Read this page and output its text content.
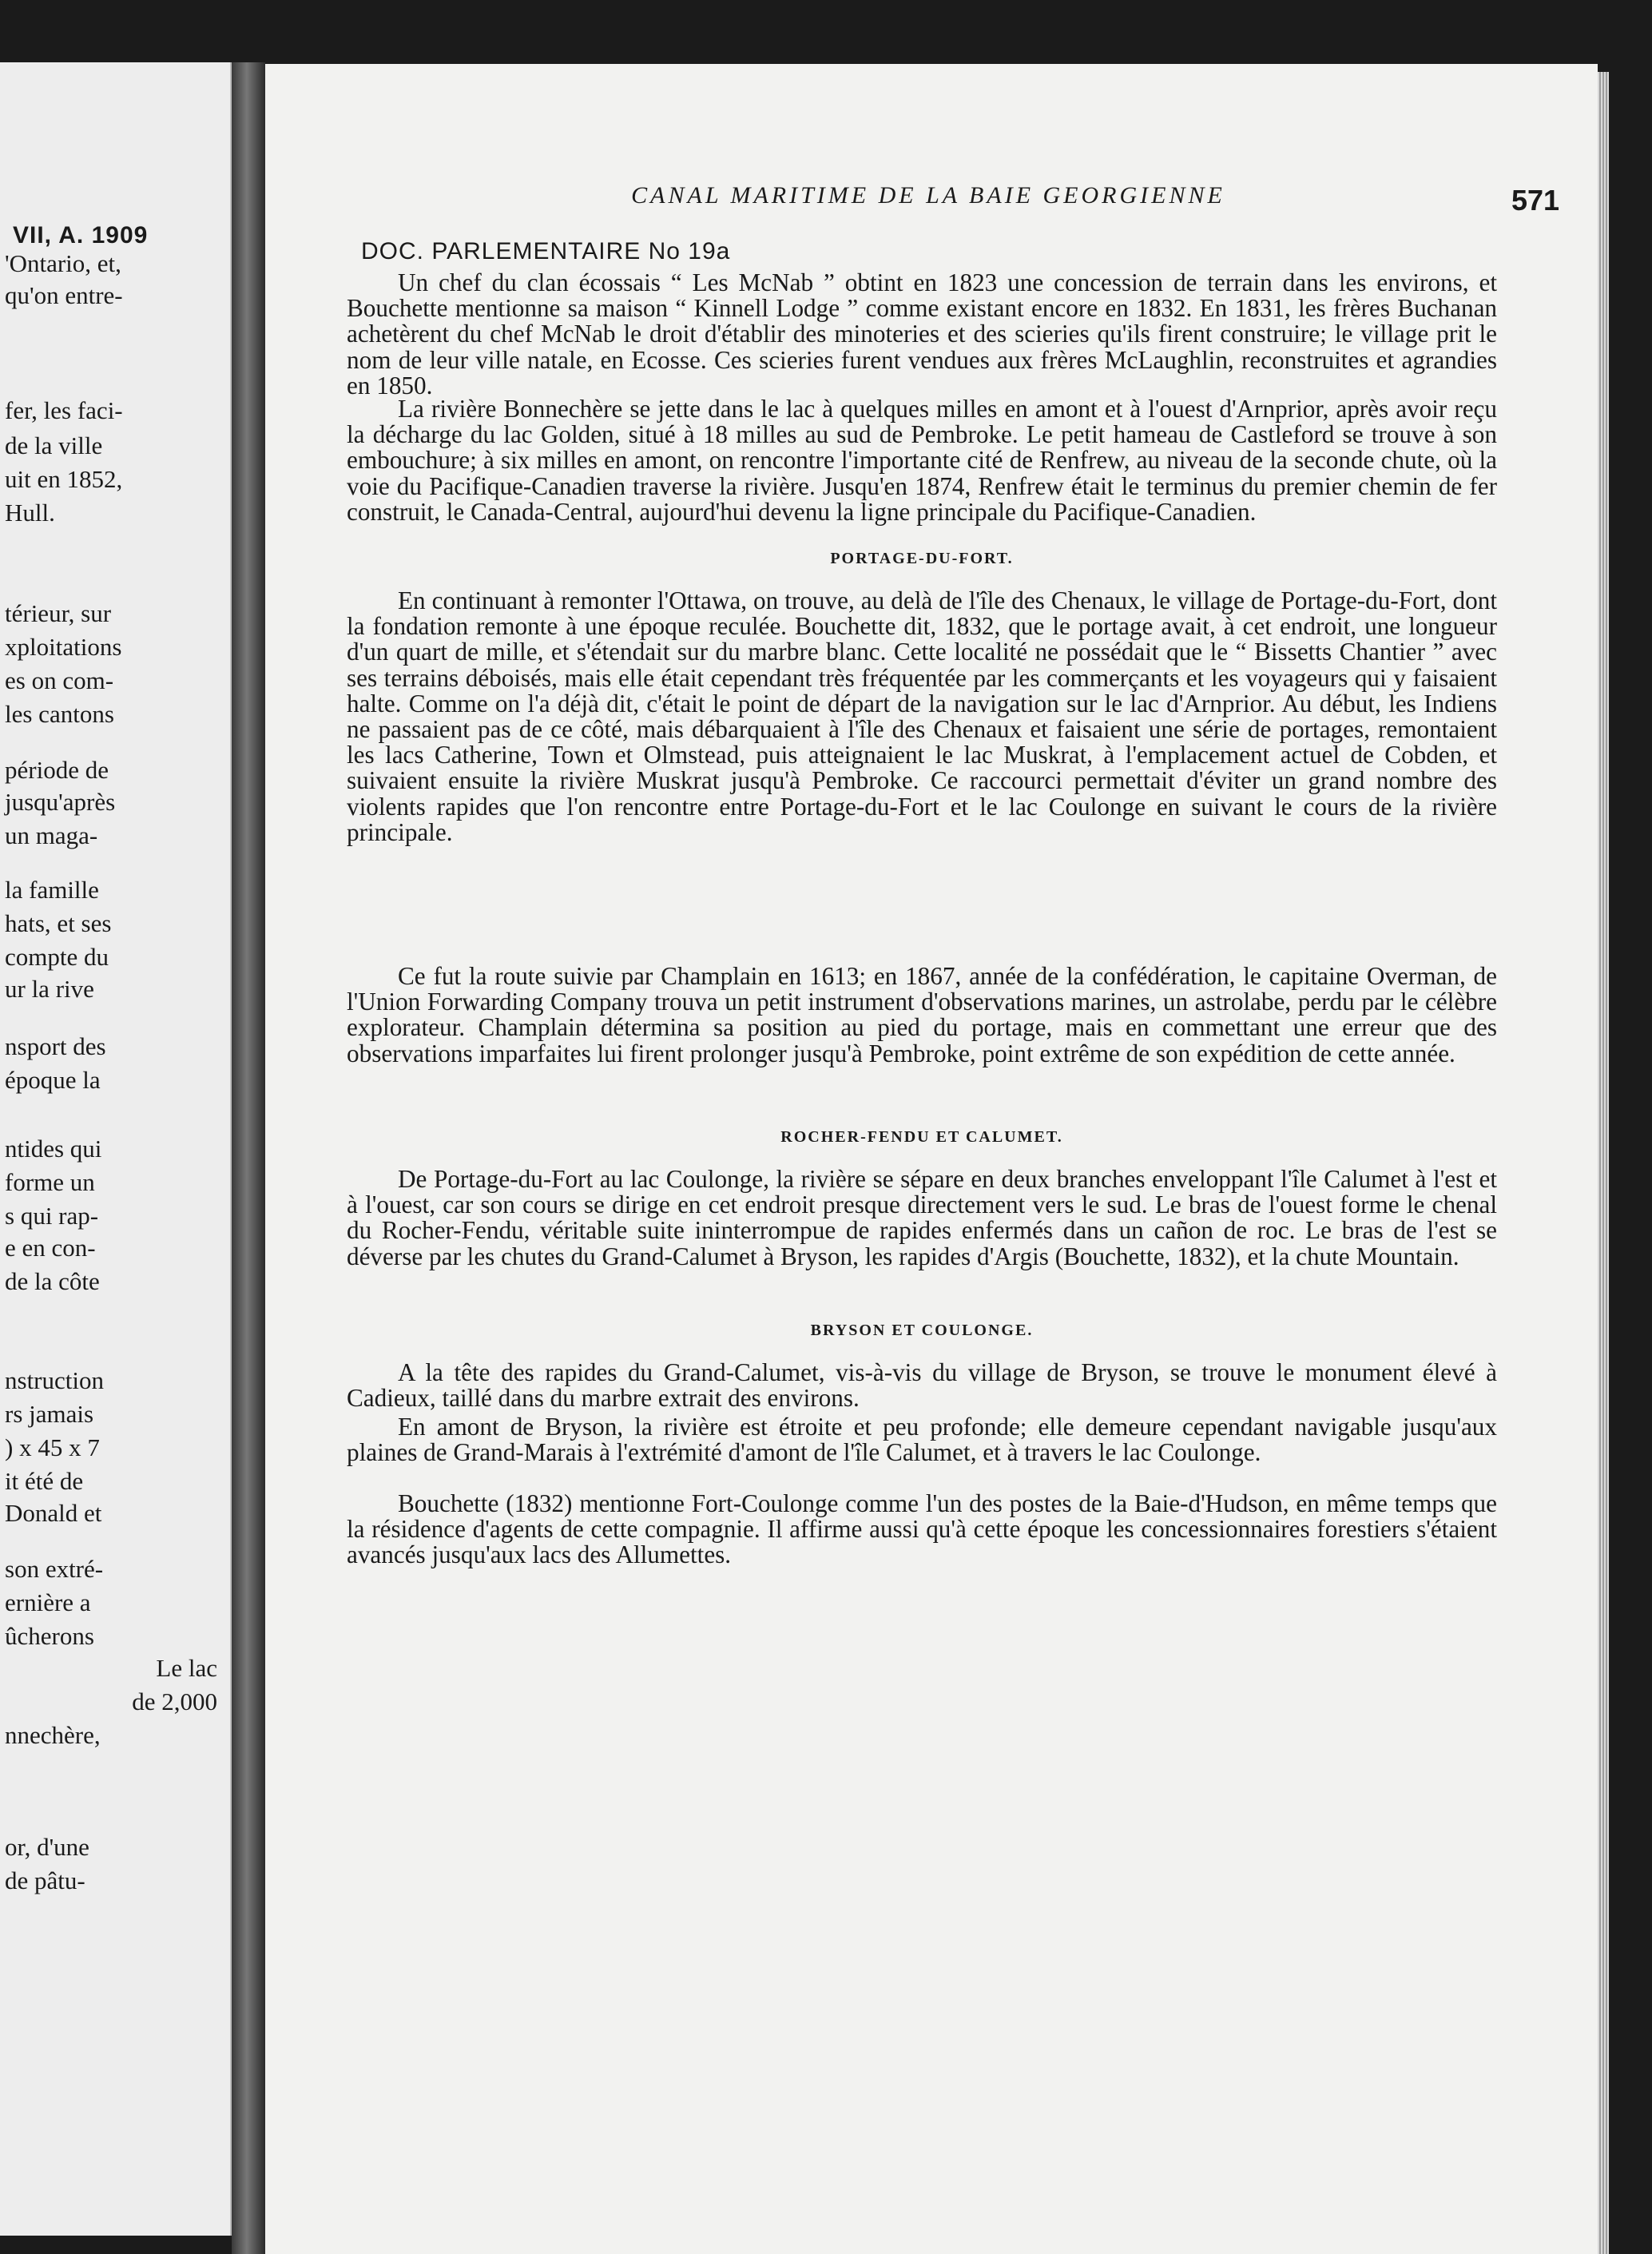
VII, A. 1909
'Ontario, et,
qu'on entre-
fer, les faci-
de la ville
uit en 1852,
Hull.
térieur, sur
xploitations
es on com-
les cantons
période de
jusqu'après
un maga-
la famille
hats, et ses
compte du
ur la rive
nsport des
époque la
ntides qui
forme un
s qui rap-
e en con-
de la côte
nstruction
rs jamais
) x 45 x 7
it été de
Donald et
son extré-
ernière a
ûcherons
Le lac
de 2,000
nnechère,
or, d'une
de pâtu-
CANAL MARITIME DE LA BAIE GEORGIENNE	571
DOC. PARLEMENTAIRE No 19a

Un chef du clan écossais “ Les McNab ” obtint en 1823 une concession de terrain dans les environs, et Bouchette mentionne sa maison “ Kinnell Lodge ” comme existant encore en 1832. En 1831, les frères Buchanan achetèrent du chef McNab le droit d'établir des minoteries et des scieries qu'ils firent construire; le village prit le nom de leur ville natale, en Ecosse. Ces scieries furent vendues aux frères McLaughlin, reconstruites et agrandies en 1850.

La rivière Bonnechère se jette dans le lac à quelques milles en amont et à l'ouest d'Arnprior, après avoir reçu la décharge du lac Golden, situé à 18 milles au sud de Pembroke. Le petit hameau de Castleford se trouve à son embouchure; à six milles en amont, on rencontre l'importante cité de Renfrew, au niveau de la seconde chute, où la voie du Pacifique-Canadien traverse la rivière. Jusqu'en 1874, Renfrew était le terminus du premier chemin de fer construit, le Canada-Central, aujourd'hui devenu la ligne principale du Pacifique-Canadien.

PORTAGE-DU-FORT.

En continuant à remonter l'Ottawa, on trouve, au delà de l'île des Chenaux, le village de Portage-du-Fort, dont la fondation remonte à une époque reculée. Bouchette dit, 1832, que le portage avait, à cet endroit, une longueur d'un quart de mille, et s'étendait sur du marbre blanc. Cette localité ne possédait que le “ Bissetts Chantier ” avec ses terrains déboisés, mais elle était cependant très fréquentée par les commerçants et les voyageurs qui y faisaient halte. Comme on l'a déjà dit, c'était le point de départ de la navigation sur le lac d'Arnprior. Au début, les Indiens ne passaient pas de ce côté, mais débarquaient à l'île des Chenaux et faisaient une série de portages, remontaient les lacs Catherine, Town et Olmstead, puis atteignaient le lac Muskrat, à l'emplacement actuel de Cobden, et suivaient ensuite la rivière Muskrat jusqu'à Pembroke. Ce raccourci permettait d'éviter un grand nombre des violents rapides que l'on rencontre entre Portage-du-Fort et le lac Coulonge en suivant le cours de la rivière principale.

Ce fut la route suivie par Champlain en 1613; en 1867, année de la confédération, le capitaine Overman, de l'Union Forwarding Company trouva un petit instrument d'observations marines, un astrolabe, perdu par le célèbre explorateur. Champlain détermina sa position au pied du portage, mais en commettant une erreur que des observations imparfaites lui firent prolonger jusqu'à Pembroke, point extrême de son expédition de cette année.

ROCHER-FENDU ET CALUMET.

De Portage-du-Fort au lac Coulonge, la rivière se sépare en deux branches enveloppant l'île Calumet à l'est et à l'ouest, car son cours se dirige en cet endroit presque directement vers le sud. Le bras de l'ouest forme le chenal du Rocher-Fendu, véritable suite ininterrompue de rapides enfermés dans un cañon de roc. Le bras de l'est se déverse par les chutes du Grand-Calumet à Bryson, les rapides d'Argis (Bouchette, 1832), et la chute Mountain.

BRYSON ET COULONGE.

A la tête des rapides du Grand-Calumet, vis-à-vis du village de Bryson, se trouve le monument élevé à Cadieux, taillé dans du marbre extrait des environs.

En amont de Bryson, la rivière est étroite et peu profonde; elle demeure cependant navigable jusqu'aux plaines de Grand-Marais à l'extrémité d'amont de l'île Calumet, et à travers le lac Coulonge.

Bouchette (1832) mentionne Fort-Coulonge comme l'un des postes de la Baie-d'Hudson, en même temps que la résidence d'agents de cette compagnie. Il affirme aussi qu'à cette époque les concessionnaires forestiers s'étaient avancés jusqu'aux lacs des Allumettes.
